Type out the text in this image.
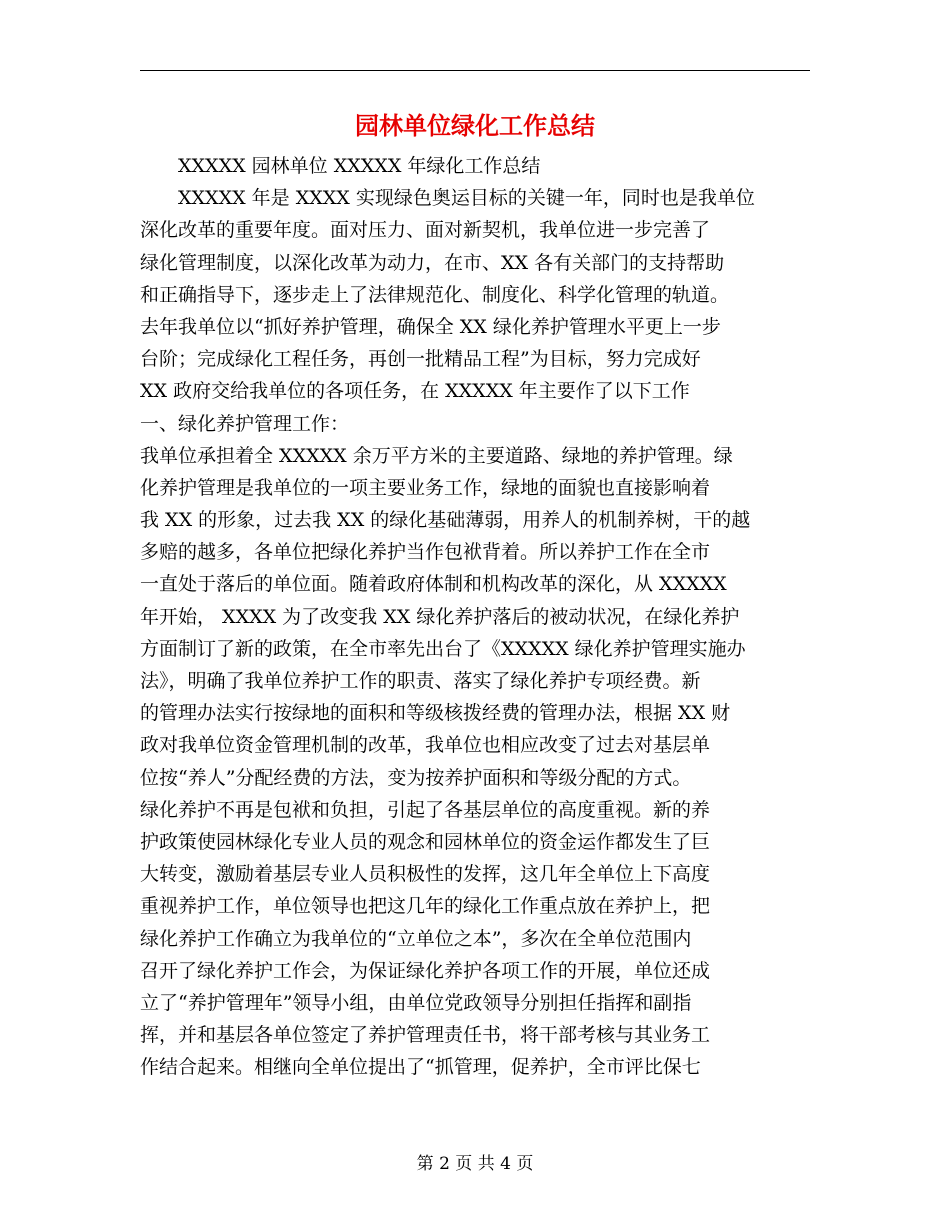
园林单位绿化工作总结
XXXXX 园林单位 XXXXX 年绿化工作总结
XXXXX 年是 XXXX 实现绿色奥运目标的关键一年，同时也是我单位
深化改革的重要年度。面对压力、面对新契机，我单位进一步完善了
绿化管理制度，以深化改革为动力，在市、XX 各有关部门的支持帮助
和正确指导下，逐步走上了法律规范化、制度化、科学化管理的轨道。
去年我单位以“抓好养护管理，确保全 XX 绿化养护管理水平更上一步
台阶；完成绿化工程任务，再创一批精品工程”为目标，努力完成好
XX 政府交给我单位的各项任务，在 XXXXX 年主要作了以下工作
一、绿化养护管理工作：
我单位承担着全 XXXXX 余万平方米的主要道路、绿地的养护管理。绿
化养护管理是我单位的一项主要业务工作，绿地的面貌也直接影响着
我 XX 的形象，过去我 XX 的绿化基础薄弱，用养人的机制养树，干的越
多赔的越多，各单位把绿化养护当作包袱背着。所以养护工作在全市
一直处于落后的单位面。随着政府体制和机构改革的深化，从 XXXXX
年开始， XXXX 为了改变我 XX 绿化养护落后的被动状况，在绿化养护
方面制订了新的政策，在全市率先出台了《XXXXX 绿化养护管理实施办
法》，明确了我单位养护工作的职责、落实了绿化养护专项经费。新
的管理办法实行按绿地的面积和等级核拨经费的管理办法，根据 XX 财
政对我单位资金管理机制的改革，我单位也相应改变了过去对基层单
位按“养人”分配经费的方法，变为按养护面积和等级分配的方式。
绿化养护不再是包袱和负担，引起了各基层单位的高度重视。新的养
护政策使园林绿化专业人员的观念和园林单位的资金运作都发生了巨
大转变，激励着基层专业人员积极性的发挥，这几年全单位上下高度
重视养护工作，单位领导也把这几年的绿化工作重点放在养护上，把
绿化养护工作确立为我单位的“立单位之本”，多次在全单位范围内
召开了绿化养护工作会，为保证绿化养护各项工作的开展，单位还成
立了“养护管理年”领导小组，由单位党政领导分别担任指挥和副指
挥，并和基层各单位签定了养护管理责任书，将干部考核与其业务工
作结合起来。相继向全单位提出了“抓管理，促养护，全市评比保七
第 2 页 共 4 页
